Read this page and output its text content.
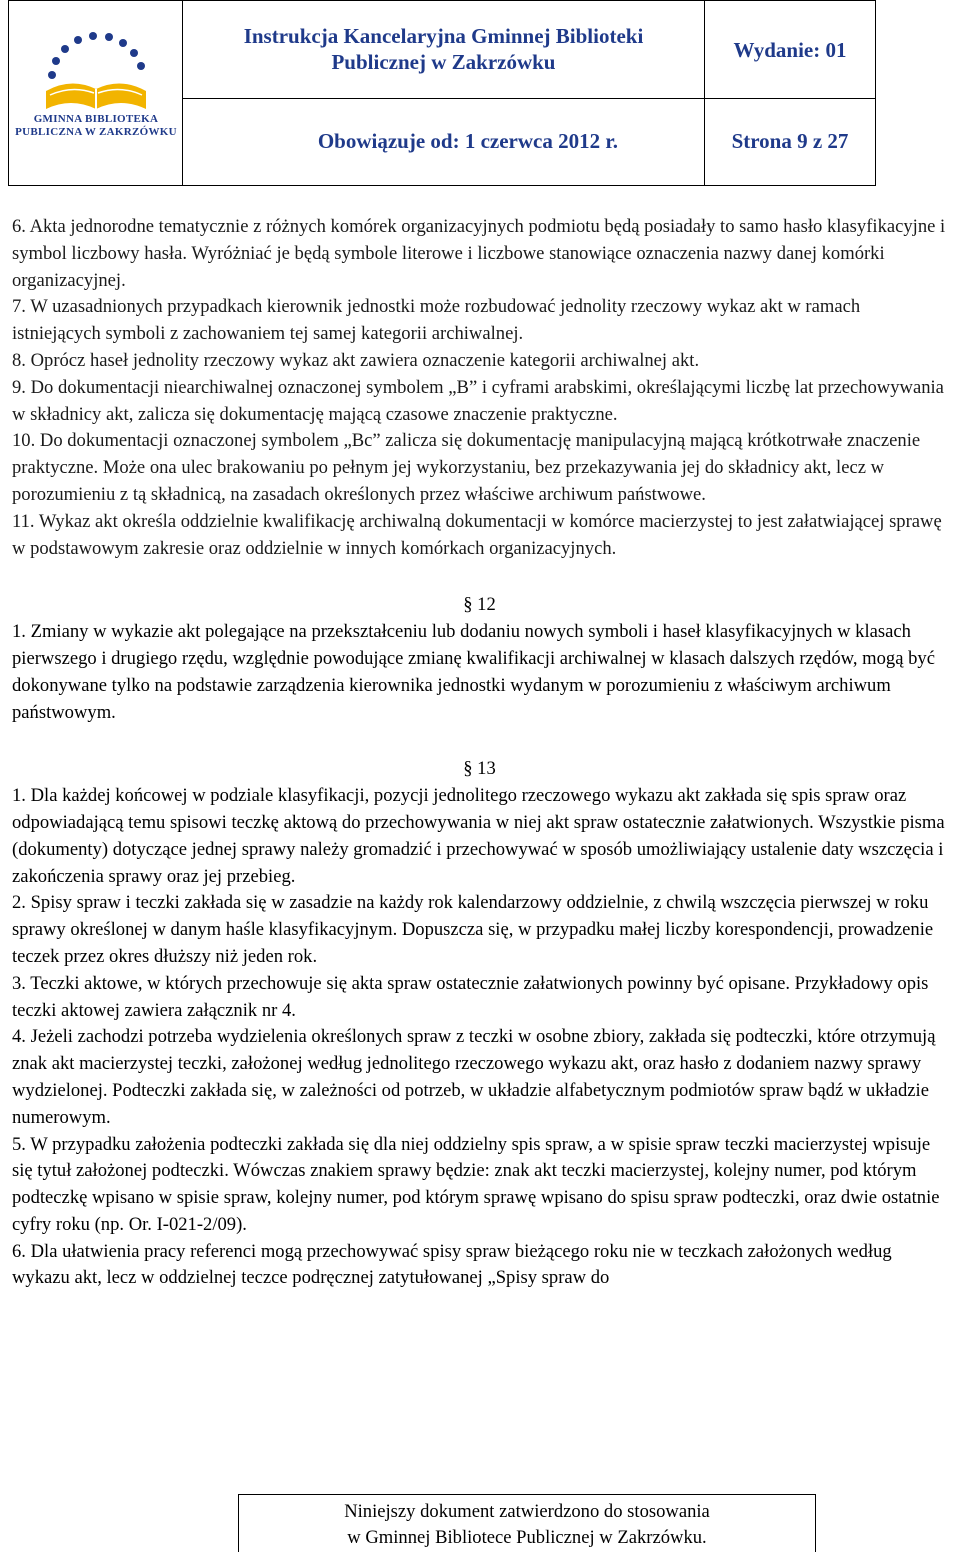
GMINNA BIBLIOTEKA
PUBLICZNA W ZAKRZÓWKU
Instrukcja Kancelaryjna Gminnej Biblioteki
Publicznej w Zakrzówku	Wydanie: 01
Obowiązuje od: 1 czerwca 2012 r.	Strona 9 z 27

6. Akta jednorodne tematycznie z różnych komórek organizacyjnych podmiotu będą posiadały to samo hasło klasyfikacyjne i symbol liczbowy hasła. Wyróżniać je będą symbole literowe i liczbowe stanowiące oznaczenia nazwy danej komórki organizacyjnej.

7. W uzasadnionych przypadkach kierownik jednostki może rozbudować jednolity rzeczowy wykaz akt w ramach istniejących symboli z zachowaniem tej samej kategorii archiwalnej.

8. Oprócz haseł jednolity rzeczowy wykaz akt zawiera oznaczenie kategorii archiwalnej akt.

9. Do dokumentacji niearchiwalnej oznaczonej symbolem „B” i cyframi arabskimi, określającymi liczbę lat przechowywania w składnicy akt, zalicza się dokumentację mającą czasowe znaczenie praktyczne.

10. Do dokumentacji oznaczonej symbolem „Bc” zalicza się dokumentację manipulacyjną mającą krótkotrwałe znaczenie praktyczne. Może ona ulec brakowaniu po pełnym jej wykorzystaniu, bez przekazywania jej do składnicy akt, lecz w porozumieniu z tą składnicą, na zasadach określonych przez właściwe archiwum państwowe.

11. Wykaz akt określa oddzielnie kwalifikację archiwalną dokumentacji w komórce macierzystej to jest załatwiającej sprawę w podstawowym zakresie oraz oddzielnie w innych komórkach organizacyjnych.

§ 12

1. Zmiany w wykazie akt polegające na przekształceniu lub dodaniu nowych symboli i haseł klasyfikacyjnych w klasach pierwszego i drugiego rzędu, względnie powodujące zmianę kwalifikacji archiwalnej w klasach dalszych rzędów, mogą być dokonywane tylko na podstawie zarządzenia kierownika jednostki wydanym w porozumieniu z właściwym archiwum państwowym.

§ 13

1. Dla każdej końcowej w podziale klasyfikacji, pozycji jednolitego rzeczowego wykazu akt zakłada się spis spraw oraz odpowiadającą temu spisowi teczkę aktową do przechowywania w niej akt spraw ostatecznie załatwionych. Wszystkie pisma (dokumenty) dotyczące jednej sprawy należy gromadzić i przechowywać w sposób umożliwiający ustalenie daty wszczęcia i zakończenia sprawy oraz jej przebieg.

2. Spisy spraw i teczki zakłada się w zasadzie na każdy rok kalendarzowy oddzielnie, z chwilą wszczęcia pierwszej w roku sprawy określonej w danym haśle klasyfikacyjnym. Dopuszcza się, w przypadku małej liczby korespondencji, prowadzenie teczek przez okres dłuższy niż jeden rok.

3. Teczki aktowe, w których przechowuje się akta spraw ostatecznie załatwionych powinny być opisane. Przykładowy opis teczki aktowej zawiera załącznik nr 4.

4. Jeżeli zachodzi potrzeba wydzielenia określonych spraw z teczki w osobne zbiory, zakłada się podteczki, które otrzymują znak akt macierzystej teczki, założonej według jednolitego rzeczowego wykazu akt, oraz hasło z dodaniem nazwy sprawy wydzielonej. Podteczki zakłada się, w zależności od potrzeb, w układzie alfabetycznym podmiotów spraw bądź w układzie numerowym.

5. W przypadku założenia podteczki zakłada się dla niej oddzielny spis spraw, a w spisie spraw teczki macierzystej wpisuje się tytuł założonej podteczki. Wówczas znakiem sprawy będzie: znak akt teczki macierzystej, kolejny numer, pod którym podteczkę wpisano w spisie spraw, kolejny numer, pod którym sprawę wpisano do spisu spraw podteczki, oraz dwie ostatnie cyfry roku (np. Or. I-021-2/09).

6. Dla ułatwienia pracy referenci mogą przechowywać spisy spraw bieżącego roku nie w teczkach założonych według wykazu akt, lecz w oddzielnej teczce podręcznej zatytułowanej „Spisy spraw do

Niniejszy dokument zatwierdzono do stosowania
w Gminnej Bibliotece Publicznej w Zakrzówku.
